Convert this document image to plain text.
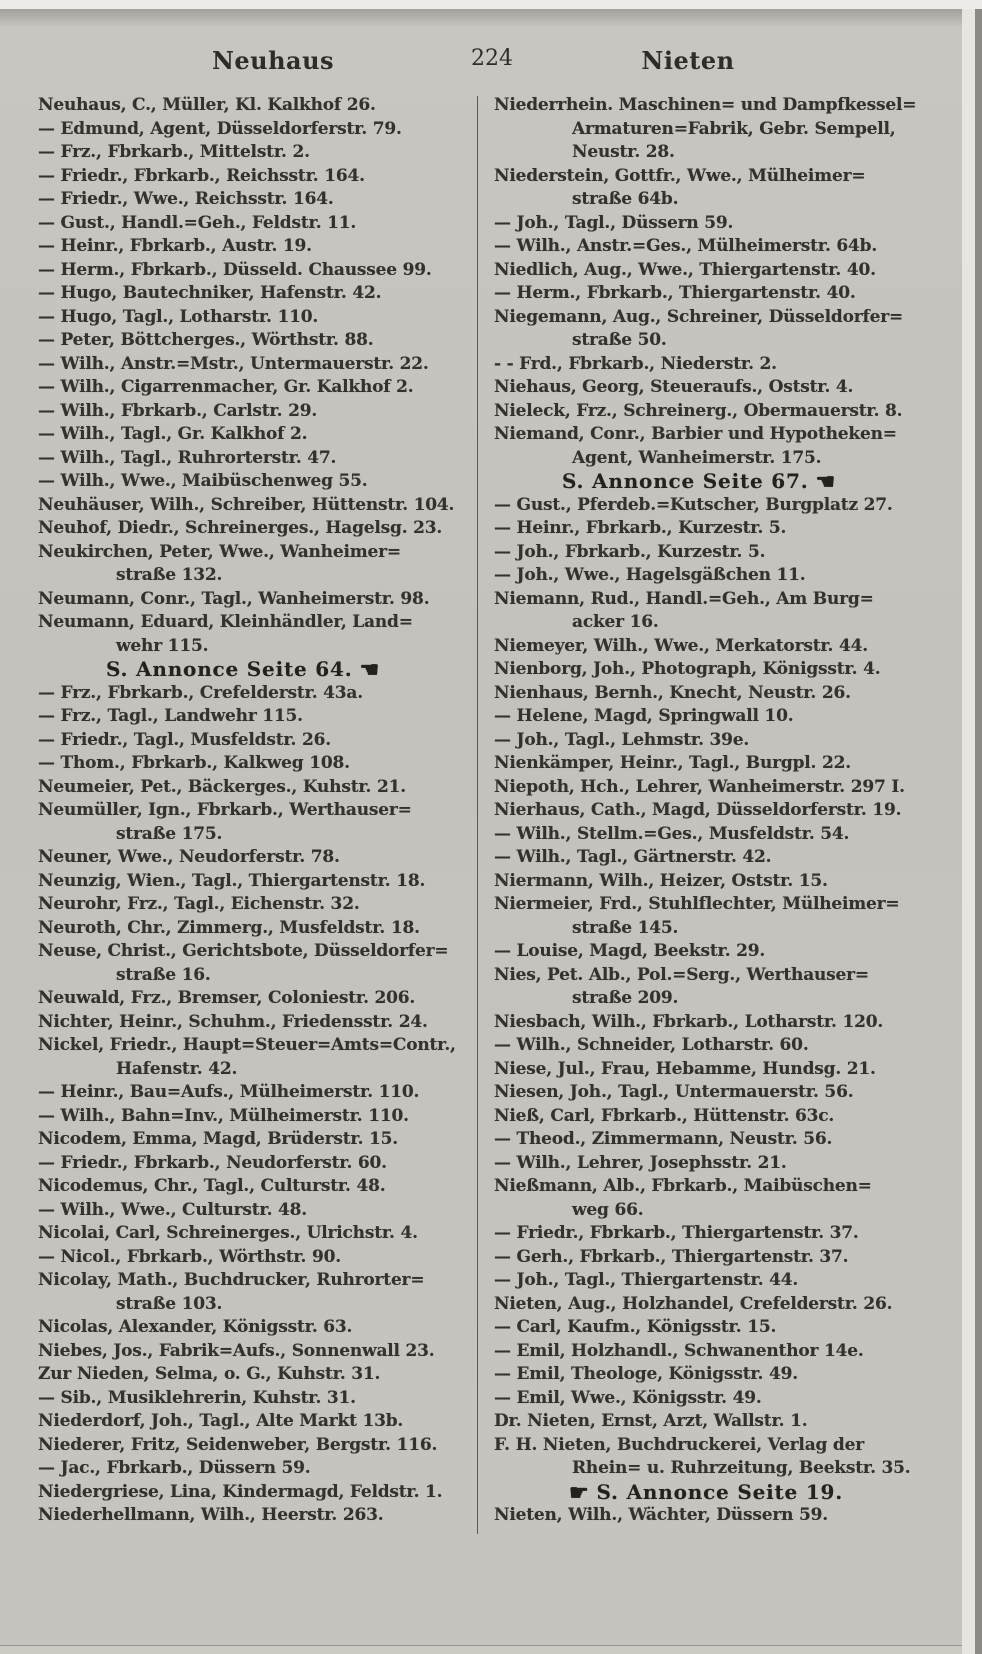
Neuhaus	224	Nieten
Neuhaus, C., Müller, Kl. Kalkhof 26.
— Edmund, Agent, Düsseldorferstr. 79.
— Frz., Fbrkarb., Mittelstr. 2.
— Friedr., Fbrkarb., Reichsstr. 164.
— Friedr., Wwe., Reichsstr. 164.
— Gust., Handl.=Geh., Feldstr. 11.
— Heinr., Fbrkarb., Austr. 19.
— Herm., Fbrkarb., Düsseld. Chaussee 99.
— Hugo, Bautechniker, Hafenstr. 42.
— Hugo, Tagl., Lotharstr. 110.
— Peter, Böttcherges., Wörthstr. 88.
— Wilh., Anstr.=Mstr., Untermauerstr. 22.
— Wilh., Cigarrenmacher, Gr. Kalkhof 2.
— Wilh., Fbrkarb., Carlstr. 29.
— Wilh., Tagl., Gr. Kalkhof 2.
— Wilh., Tagl., Ruhrorterstr. 47.
— Wilh., Wwe., Maibüschenweg 55.
Neuhäuser, Wilh., Schreiber, Hüttenstr. 104.
Neuhof, Diedr., Schreinerges., Hagelsg. 23.
Neukirchen, Peter, Wwe., Wanheimer=
straße 132.
Neumann, Conr., Tagl., Wanheimerstr. 98.
Neumann, Eduard, Kleinhändler, Land=
wehr 115.
S. Annonce Seite 64. ☚
— Frz., Fbrkarb., Crefelderstr. 43a.
— Frz., Tagl., Landwehr 115.
— Friedr., Tagl., Musfeldstr. 26.
— Thom., Fbrkarb., Kalkweg 108.
Neumeier, Pet., Bäckerges., Kuhstr. 21.
Neumüller, Ign., Fbrkarb., Werthauser=
straße 175.
Neuner, Wwe., Neudorferstr. 78.
Neunzig, Wien., Tagl., Thiergartenstr. 18.
Neurohr, Frz., Tagl., Eichenstr. 32.
Neuroth, Chr., Zimmerg., Musfeldstr. 18.
Neuse, Christ., Gerichtsbote, Düsseldorfer=
straße 16.
Neuwald, Frz., Bremser, Coloniestr. 206.
Nichter, Heinr., Schuhm., Friedensstr. 24.
Nickel, Friedr., Haupt=Steuer=Amts=Contr.,
Hafenstr. 42.
— Heinr., Bau=Aufs., Mülheimerstr. 110.
— Wilh., Bahn=Inv., Mülheimerstr. 110.
Nicodem, Emma, Magd, Brüderstr. 15.
— Friedr., Fbrkarb., Neudorferstr. 60.
Nicodemus, Chr., Tagl., Culturstr. 48.
— Wilh., Wwe., Culturstr. 48.
Nicolai, Carl, Schreinerges., Ulrichstr. 4.
— Nicol., Fbrkarb., Wörthstr. 90.
Nicolay, Math., Buchdrucker, Ruhrorter=
straße 103.
Nicolas, Alexander, Königsstr. 63.
Niebes, Jos., Fabrik=Aufs., Sonnenwall 23.
Zur Nieden, Selma, o. G., Kuhstr. 31.
— Sib., Musiklehrerin, Kuhstr. 31.
Niederdorf, Joh., Tagl., Alte Markt 13b.
Niederer, Fritz, Seidenweber, Bergstr. 116.
— Jac., Fbrkarb., Düssern 59.
Niedergriese, Lina, Kindermagd, Feldstr. 1.
Niederhellmann, Wilh., Heerstr. 263.
Niederrhein. Maschinen= und Dampfkessel=
Armaturen=Fabrik, Gebr. Sempell,
Neustr. 28.
Niederstein, Gottfr., Wwe., Mülheimer=
straße 64b.
— Joh., Tagl., Düssern 59.
— Wilh., Anstr.=Ges., Mülheimerstr. 64b.
Niedlich, Aug., Wwe., Thiergartenstr. 40.
— Herm., Fbrkarb., Thiergartenstr. 40.
Niegemann, Aug., Schreiner, Düsseldorfer=
straße 50.
- - Frd., Fbrkarb., Niederstr. 2.
Niehaus, Georg, Steueraufs., Oststr. 4.
Nieleck, Frz., Schreinerg., Obermauerstr. 8.
Niemand, Conr., Barbier und Hypotheken=
Agent, Wanheimerstr. 175.
S. Annonce Seite 67. ☚
— Gust., Pferdeb.=Kutscher, Burgplatz 27.
— Heinr., Fbrkarb., Kurzestr. 5.
— Joh., Fbrkarb., Kurzestr. 5.
— Joh., Wwe., Hagelsgäßchen 11.
Niemann, Rud., Handl.=Geh., Am Burg=
acker 16.
Niemeyer, Wilh., Wwe., Merkatorstr. 44.
Nienborg, Joh., Photograph, Königsstr. 4.
Nienhaus, Bernh., Knecht, Neustr. 26.
— Helene, Magd, Springwall 10.
— Joh., Tagl., Lehmstr. 39e.
Nienkämper, Heinr., Tagl., Burgpl. 22.
Niepoth, Hch., Lehrer, Wanheimerstr. 297 I.
Nierhaus, Cath., Magd, Düsseldorferstr. 19.
— Wilh., Stellm.=Ges., Musfeldstr. 54.
— Wilh., Tagl., Gärtnerstr. 42.
Niermann, Wilh., Heizer, Oststr. 15.
Niermeier, Frd., Stuhlflechter, Mülheimer=
straße 145.
— Louise, Magd, Beekstr. 29.
Nies, Pet. Alb., Pol.=Serg., Werthauser=
straße 209.
Niesbach, Wilh., Fbrkarb., Lotharstr. 120.
— Wilh., Schneider, Lotharstr. 60.
Niese, Jul., Frau, Hebamme, Hundsg. 21.
Niesen, Joh., Tagl., Untermauerstr. 56.
Nieß, Carl, Fbrkarb., Hüttenstr. 63c.
— Theod., Zimmermann, Neustr. 56.
— Wilh., Lehrer, Josephsstr. 21.
Nießmann, Alb., Fbrkarb., Maibüschen=
weg 66.
— Friedr., Fbrkarb., Thiergartenstr. 37.
— Gerh., Fbrkarb., Thiergartenstr. 37.
— Joh., Tagl., Thiergartenstr. 44.
Nieten, Aug., Holzhandel, Crefelderstr. 26.
— Carl, Kaufm., Königsstr. 15.
— Emil, Holzhandl., Schwanenthor 14e.
— Emil, Theologe, Königsstr. 49.
— Emil, Wwe., Königsstr. 49.
Dr. Nieten, Ernst, Arzt, Wallstr. 1.
F. H. Nieten, Buchdruckerei, Verlag der
Rhein= u. Ruhrzeitung, Beekstr. 35.
☛ S. Annonce Seite 19.
Nieten, Wilh., Wächter, Düssern 59.
